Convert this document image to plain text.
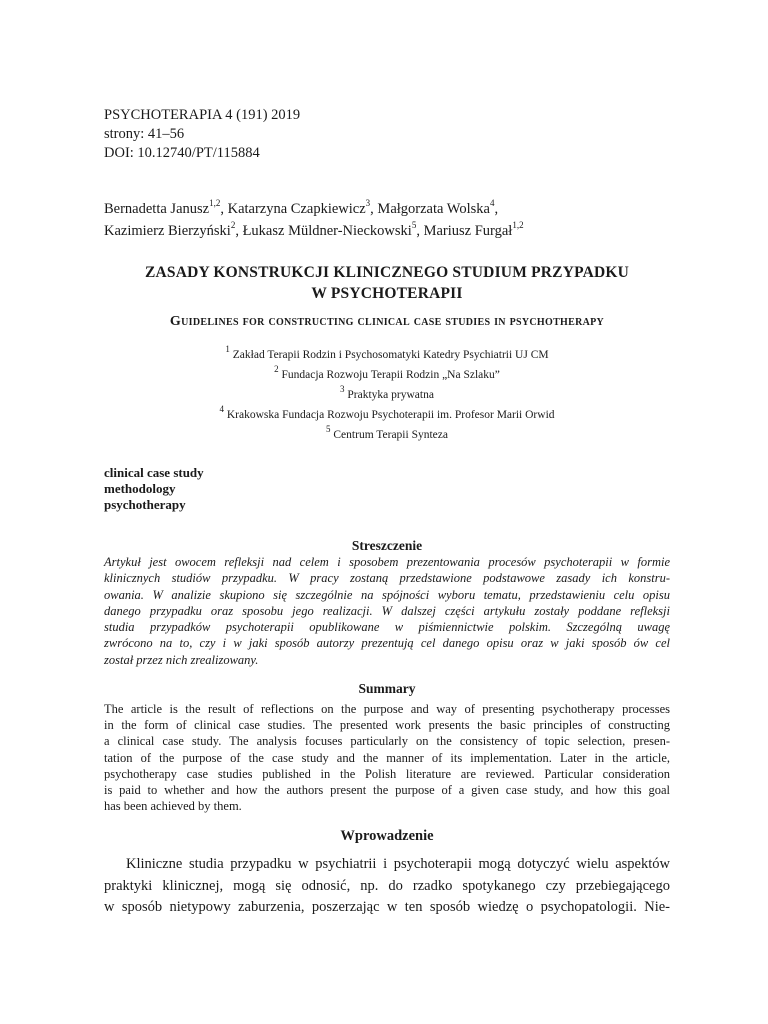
PSYCHOTERAPIA 4 (191) 2019
strony: 41–56
DOI: 10.12740/PT/115884
Bernadetta Janusz$^{1,2}$, Katarzyna Czapkiewicz$^3$, Małgorzata Wolska$^4$,
Kazimierz Bierzyński$^2$, Łukasz Müldner-Nieckowski$^5$, Mariusz Furgał$^{1,2}$
ZASADY KONSTRUKCJI KLINICZNEGO STUDIUM PRZYPADKU
W PSYCHOTERAPII
Guidelines for constructing clinical case studies in psychotherapy
$^1$ Zakład Terapii Rodzin i Psychosomatyki Katedry Psychiatrii UJ CM
$^2$ Fundacja Rozwoju Terapii Rodzin „Na Szlaku”
$^3$ Praktyka prywatna
$^4$ Krakowska Fundacja Rozwoju Psychoterapii im. Profesor Marii Orwid
$^5$ Centrum Terapii Synteza
clinical case study
methodology
psychotherapy
Streszczenie
Artykuł jest owocem refleksji nad celem i sposobem prezentowania procesów psychoterapii w formie
klinicznych studiów przypadku. W pracy zostaną przedstawione podstawowe zasady ich konstru-
owania. W analizie skupiono się szczególnie na spójności wyboru tematu, przedstawieniu celu opisu
danego przypadku oraz sposobu jego realizacji. W dalszej części artykułu zostały poddane refleksji
studia przypadków psychoterapii opublikowane w piśmiennictwie polskim. Szczególną uwagę
zwrócono na to, czy i w jaki sposób autorzy prezentują cel danego opisu oraz w jaki sposób ów cel
został przez nich zrealizowany.
Summary
The article is the result of reflections on the purpose and way of presenting psychotherapy processes
in the form of clinical case studies. The presented work presents the basic principles of constructing
a clinical case study. The analysis focuses particularly on the consistency of topic selection, presen-
tation of the purpose of the case study and the manner of its implementation. Later in the article,
psychotherapy case studies published in the Polish literature are reviewed. Particular consideration
is paid to whether and how the authors present the purpose of a given case study, and how this goal
has been achieved by them.
Wprowadzenie
Kliniczne studia przypadku w psychiatrii i psychoterapii mogą dotyczyć wielu aspektów
praktyki klinicznej, mogą się odnosić, np. do rzadko spotykanego czy przebiegającego
w sposób nietypowy zaburzenia, poszerzając w ten sposób wiedzę o psychopatologii. Nie-
